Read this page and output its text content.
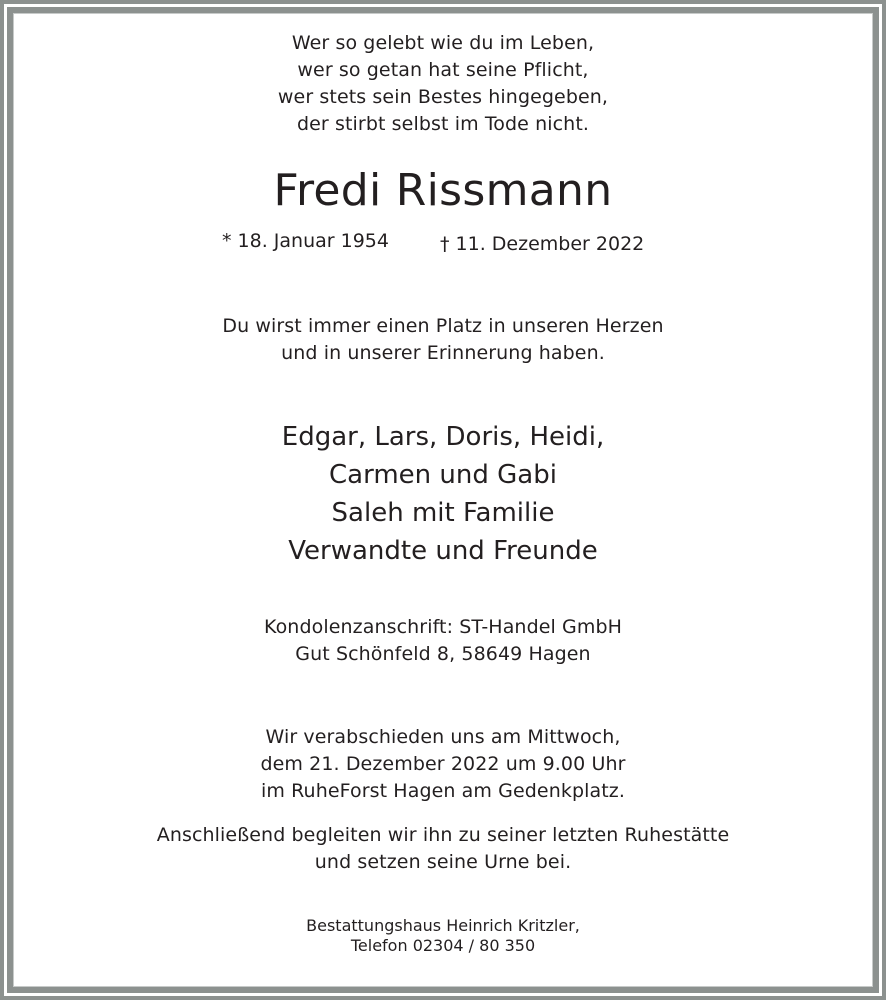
Wer so gelebt wie du im Leben,
wer so getan hat seine Pflicht,
wer stets sein Bestes hingegeben,
der stirbt selbst im Tode nicht.
Fredi Rissmann
* 18. Januar 1954	† 11. Dezember 2022
Du wirst immer einen Platz in unseren Herzen
und in unserer Erinnerung haben.
Edgar, Lars, Doris, Heidi,
Carmen und Gabi
Saleh mit Familie
Verwandte und Freunde
Kondolenzanschrift: ST-Handel GmbH
Gut Schönfeld 8, 58649 Hagen
Wir verabschieden uns am Mittwoch,
dem 21. Dezember 2022 um 9.00 Uhr
im RuheForst Hagen am Gedenkplatz.
Anschließend begleiten wir ihn zu seiner letzten Ruhestätte
und setzen seine Urne bei.
Bestattungshaus Heinrich Kritzler,
Telefon 02304 / 80 350
